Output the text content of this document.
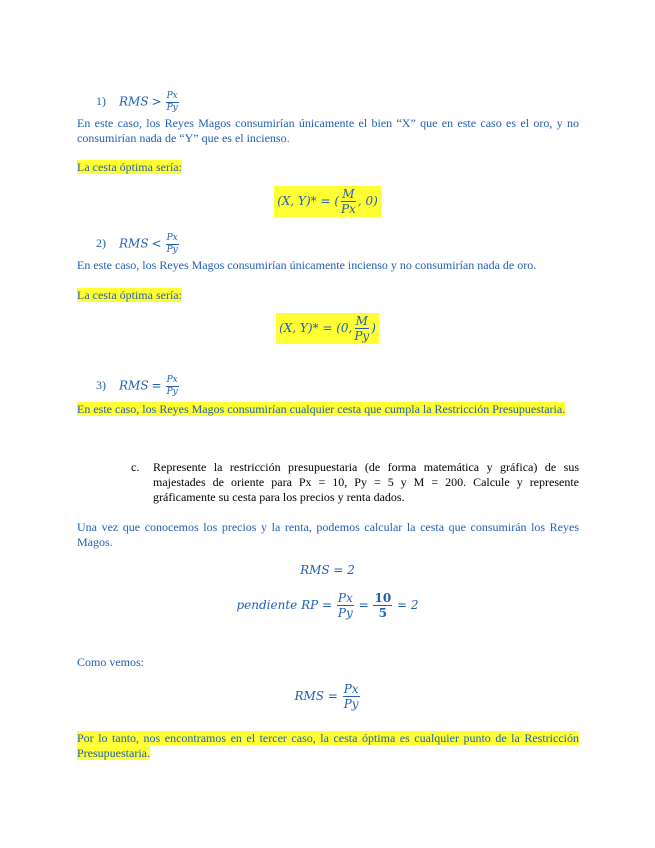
1) RMS > $\frac{Px}{Py}$
En este caso, los Reyes Magos consumirían únicamente el bien “X” que en este caso es el oro, y no consumirían nada de “Y” que es el incienso.
La cesta óptima sería:
(X, Y)* = ( $\frac{M}{Px}$ , 0)
2) RMS < $\frac{Px}{Py}$
En este caso, los Reyes Magos consumirían únicamente incienso y no consumirían nada de oro.
La cesta óptima sería:
(X, Y)* = (0, $\frac{M}{Py}$ )
3) RMS = $\frac{Px}{Py}$
En este caso, los Reyes Magos consumirían cualquier cesta que cumpla la Restricción Presupuestaria.
c. Represente la restricción presupuestaria (de forma matemática y gráfica) de sus majestades de oriente para Px = 10, Py = 5 y M = 200. Calcule y represente gráficamente su cesta para los precios y renta dados.
Una vez que conocemos los precios y la renta, podemos calcular la cesta que consumirán los Reyes Magos.
RMS = 2
pendiente RP = $\frac{Px}{Py} = \frac{10}{5} = 2$
Como vemos:
RMS = $\frac{Px}{Py}$
Por lo tanto, nos encontramos en el tercer caso, la cesta óptima es cualquier punto de la Restricción Presupuestaria.
